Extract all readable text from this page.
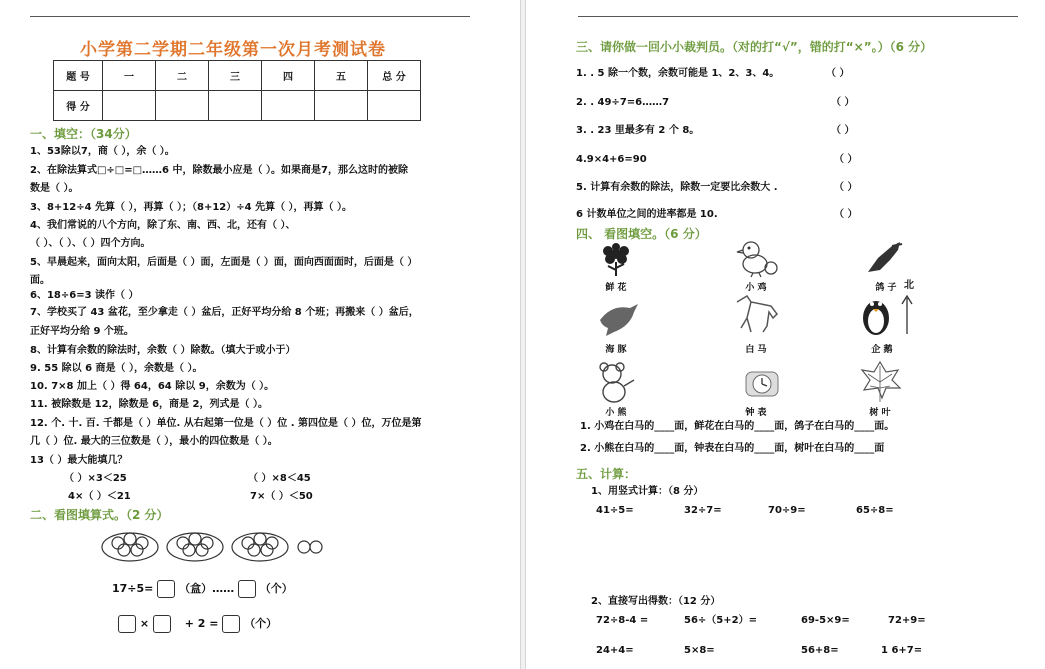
小学第二学期二年级第一次月考测试卷
题 号	一	二	三	四	五	总 分
得 分						
一、填空：（34分）
1、53除以7，商（ ），余（ ）。
2、在除法算式□÷□=□……6 中，除数最小应是（ ）。如果商是7，那么这时的被除
数是（ ）。
3、8+12÷4 先算（ ），再算（ ）；（8+12）÷4 先算（ ），再算（ ）。
4、我们常说的八个方向，除了东、南、西、北，还有（ ）、
（ ）、（ ）、（ ）四个方向。
5、早晨起来，面向太阳，后面是（ ）面，左面是（ ）面，面向西面面时，后面是（ ）
面。
6、18÷6=3 读作（ ）
7、学校买了 43 盆花，至少拿走（ ）盆后，正好平均分给 8 个班；再搬来（ ）盆后，
正好平均分给 9 个班。
8、计算有余数的除法时，余数（ ）除数。（填大于或小于）
9. 55 除以 6 商是（ ），余数是（ ）。
10. 7×8 加上（ ）得 64，64 除以 9，余数为（ ）。
11. 被除数是 12，除数是 6，商是 2，列式是（ ）。
12. 个. 十. 百. 千都是（ ）单位. 从右起第一位是（ ）位 . 第四位是（ ）位，万位是第
几（ ）位. 最大的三位数是（ ），最小的四位数是（ ）。
13（ ）最大能填几？
（ ）×3＜25	（ ）×8＜45
4×（ ）＜21	7×（ ）＜50
二、看图填算式。（2 分）
17÷5= （盒）…… （个）
×	+ 2 = （个）
三、请你做一回小小裁判员。（对的打“√”，错的打“×”。）（6 分）
1. . 5 除一个数，余数可能是 1、2、3、4。	（ ）
2. . 49÷7=6……7	（ ）
3. . 23 里最多有 2 个 8。	（ ）
4.9×4+6=90	（ ）
5. 计算有余数的除法，除数一定要比余数大 .	（ ）
6 计数单位之间的进率都是 10.	（ ）
四、 看图填空。（6 分）
鲜 花	小 鸡	鸽 子 北
海 豚	白 马	企 鹅
小 熊	钟 表	树 叶
1. 小鸡在白马的____面，鲜花在白马的____面，鸽子在白马的____面。
2. 小熊在白马的____面，钟表在白马的____面，树叶在白马的____面
五、计算：
1、用竖式计算：（8 分）
41÷5=	32÷7=	70÷9=	65÷8=
2、直接写出得数：（12 分）
72÷8-4 =	56÷（5+2）=	69-5×9=	72+9=
24+4=	5×8=	56+8=	1 6+7=
